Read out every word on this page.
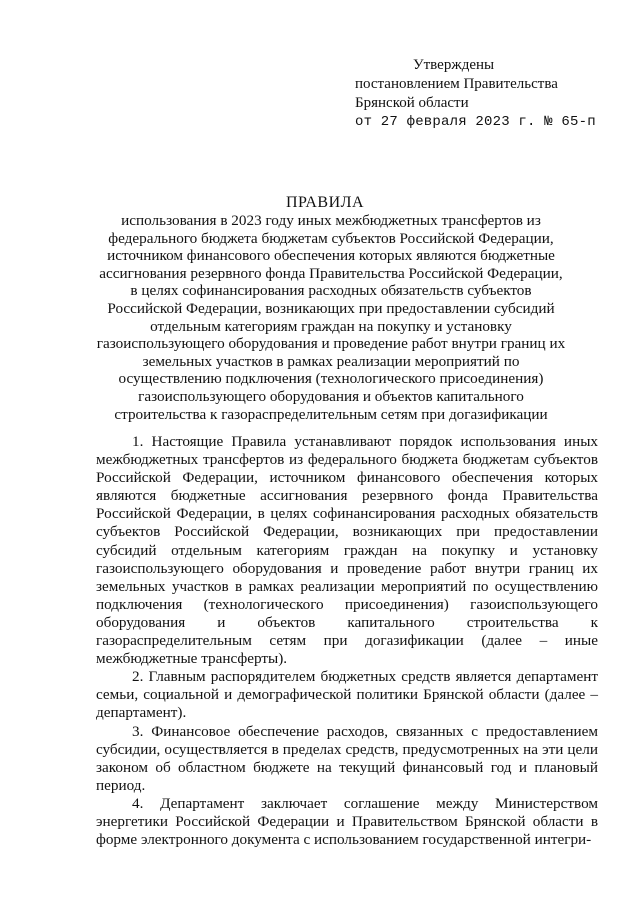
Утверждены
постановлением Правительства
Брянской области
от 27 февраля 2023 г. № 65-п
ПРАВИЛА
использования в 2023 году иных межбюджетных трансфертов из федерального бюджета бюджетам субъектов Российской Федерации, источником финансового обеспечения которых являются бюджетные ассигнования резервного фонда Правительства Российской Федерации, в целях софинансирования расходных обязательств субъектов Российской Федерации, возникающих при предоставлении субсидий отдельным категориям граждан на покупку и установку газоиспользующего оборудования и проведение работ внутри границ их земельных участков в рамках реализации мероприятий по осуществлению подключения (технологического присоединения) газоиспользующего оборудования и объектов капитального строительства к газораспределительным сетям при догазификации

1. Настоящие Правила устанавливают порядок использования иных межбюджетных трансфертов из федерального бюджета бюджетам субъектов Российской Федерации, источником финансового обеспечения которых являются бюджетные ассигнования резервного фонда Правительства Российской Федерации, в целях софинансирования расходных обязательств субъектов Российской Федерации, возникающих при предоставлении субсидий отдельным категориям граждан на покупку и установку газоиспользующего оборудования и проведение работ внутри границ их земельных участков в рамках реализации мероприятий по осуществлению подключения (технологического присоединения) газоиспользующего оборудования и объектов капитального строительства к газораспределительным сетям при догазификации (далее – иные межбюджетные трансферты).

2. Главным распорядителем бюджетных средств является департамент семьи, социальной и демографической политики Брянской области (далее – департамент).

3. Финансовое обеспечение расходов, связанных с предоставлением субсидии, осуществляется в пределах средств, предусмотренных на эти цели законом об областном бюджете на текущий финансовый год и плановый период.

4. Департамент заключает соглашение между Министерством энергетики Российской Федерации и Правительством Брянской области в форме электронного документа с использованием государственной интегри-
